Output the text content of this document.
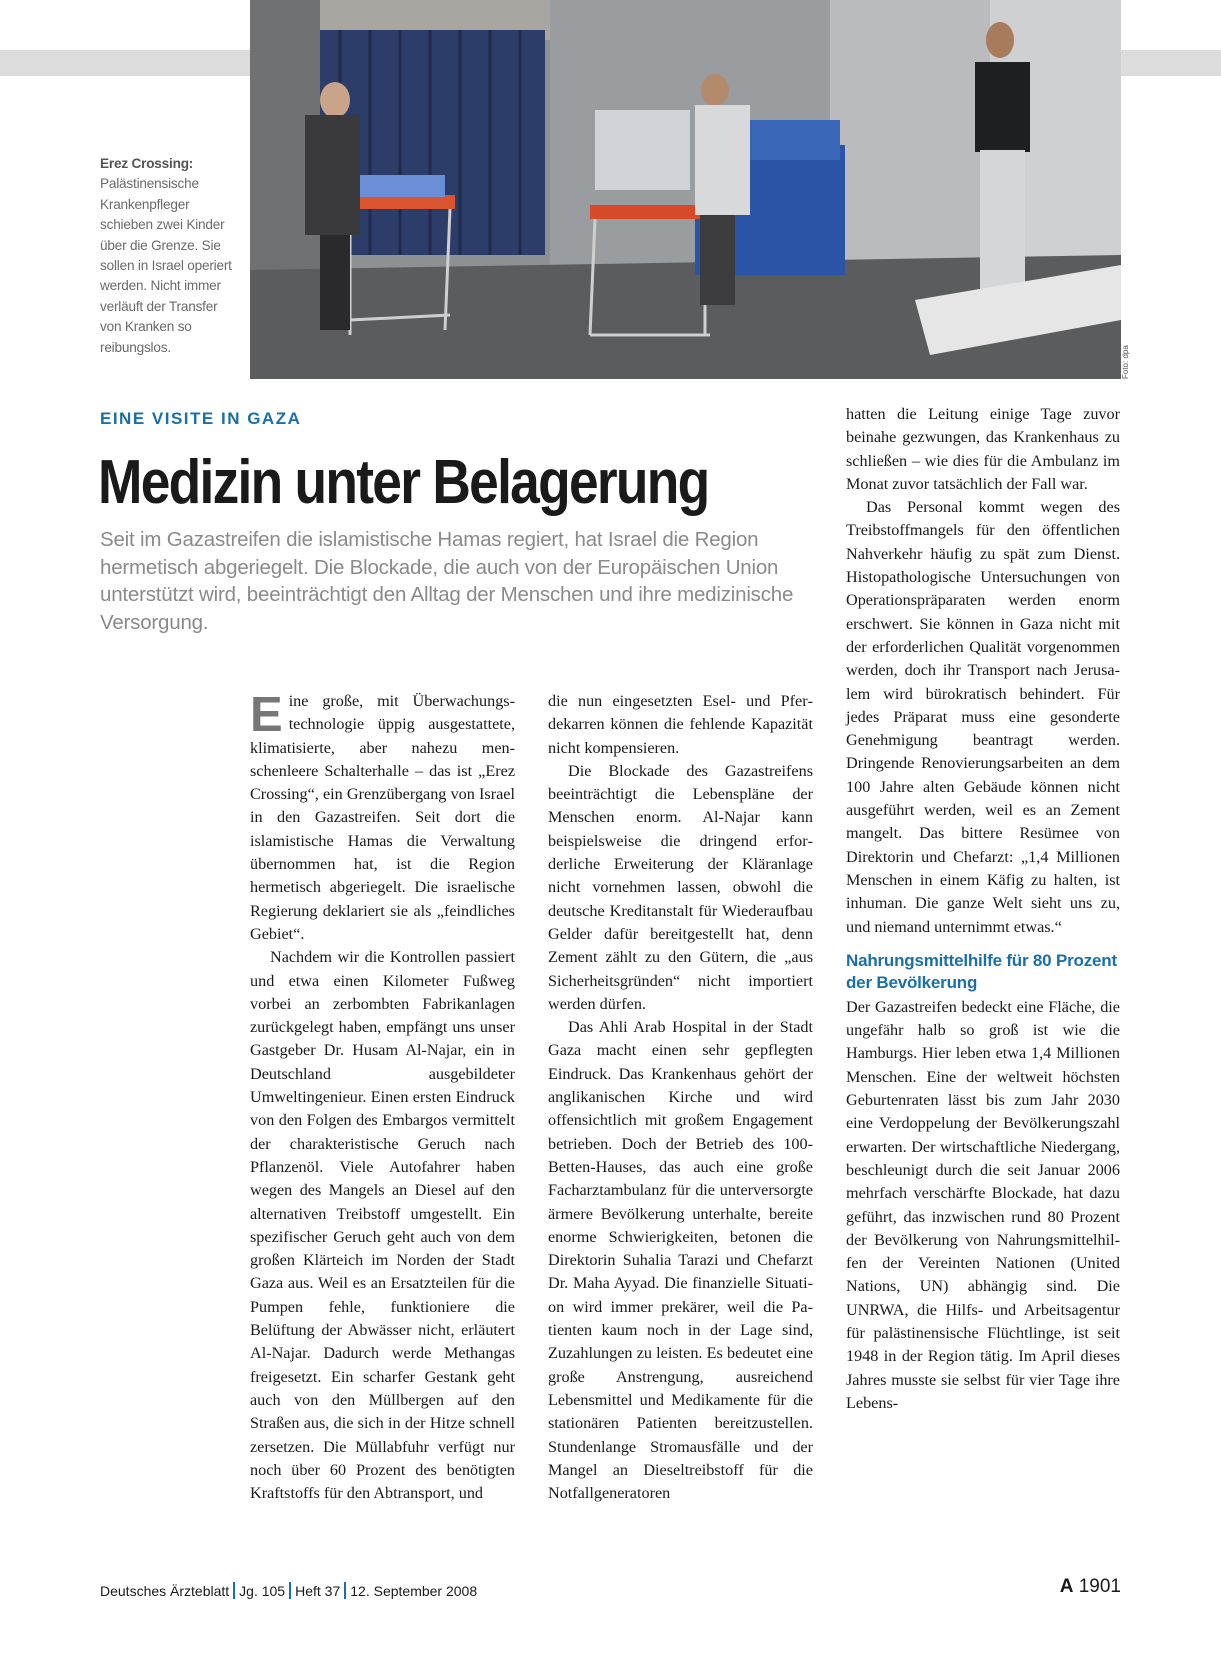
Foto: dpa
Erez Crossing:
Palästinensische Krankenpfleger schieben zwei Kinder über die Grenze. Sie sollen in Israel operiert werden. Nicht immer verläuft der Transfer von Kranken so reibungslos.
EINE VISITE IN GAZA
Medizin unter Belagerung
Seit im Gazastreifen die islamistische Hamas regiert, hat Israel die Region hermetisch abgeriegelt. Die Blockade, die auch von der Europäischen Union unterstützt wird, beeinträchtigt den Alltag der Menschen und ihre medizinische Versorgung.

Eine große, mit Überwachungstechnologie üppig ausgestattete, klimatisierte, aber nahezu menschenleere Schalterhalle – das ist „Erez Crossing“, ein Grenzübergang von Israel in den Gazastreifen. Seit dort die islamistische Hamas die Verwaltung übernommen hat, ist die Region hermetisch abgeriegelt. Die israelische Regierung deklariert sie als „feindliches Gebiet“.

Nachdem wir die Kontrollen passiert und etwa einen Kilometer Fußweg vorbei an zerbombten Fabrikanlagen zurückgelegt haben, empfängt uns unser Gastgeber Dr. Husam Al-Najar, ein in Deutschland ausgebildeter Umweltingenieur. Einen ersten Eindruck von den Folgen des Embargos vermittelt der charakteristische Geruch nach Pflanzenöl. Viele Autofahrer haben wegen des Mangels an Diesel auf den alternativen Treibstoff umgestellt. Ein spezifischer Geruch geht auch von dem großen Klärteich im Norden der Stadt Gaza aus. Weil es an Ersatzteilen für die Pumpen fehle, funktioniere die Belüftung der Abwässer nicht, erläutert Al-Najar. Dadurch werde Methangas freigesetzt. Ein scharfer Gestank geht auch von den Müllbergen auf den Straßen aus, die sich in der Hitze schnell zersetzen. Die Müllabfuhr verfügt nur noch über 60 Prozent des benötigten Kraftstoffs für den Abtransport, und

die nun eingesetzten Esel- und Pferdekarren können die fehlende Kapazität nicht kompensieren.

Die Blockade des Gazastreifens beeinträchtigt die Lebenspläne der Menschen enorm. Al-Najar kann beispielsweise die dringend erforderliche Erweiterung der Kläranlage nicht vornehmen lassen, obwohl die deutsche Kreditanstalt für Wiederaufbau Gelder dafür bereitgestellt hat, denn Zement zählt zu den Gütern, die „aus Sicherheitsgründen“ nicht importiert werden dürfen.

Das Ahli Arab Hospital in der Stadt Gaza macht einen sehr gepflegten Eindruck. Das Krankenhaus gehört der anglikanischen Kirche und wird offensichtlich mit großem Engagement betrieben. Doch der Betrieb des 100-Betten-Hauses, das auch eine große Facharztambulanz für die unterversorgte ärmere Bevölkerung unterhalte, bereite enorme Schwierigkeiten, betonen die Direktorin Suhalia Tarazi und Chefarzt Dr. Maha Ayyad. Die finanzielle Situation wird immer prekärer, weil die Patienten kaum noch in der Lage sind, Zuzahlungen zu leisten. Es bedeutet eine große Anstrengung, ausreichend Lebensmittel und Medikamente für die stationären Patienten bereitzustellen. Stundenlange Stromausfälle und der Mangel an Dieseltreibstoff für die Notfallgeneratoren

hatten die Leitung einige Tage zuvor beinahe gezwungen, das Krankenhaus zu schließen – wie dies für die Ambulanz im Monat zuvor tatsächlich der Fall war.

Das Personal kommt wegen des Treibstoffmangels für den öffentlichen Nahverkehr häufig zu spät zum Dienst. Histopathologische Untersuchungen von Operationspräparaten werden enorm erschwert. Sie können in Gaza nicht mit der erforderlichen Qualität vorgenommen werden, doch ihr Transport nach Jerusalem wird bürokratisch behindert. Für jedes Präparat muss eine gesonderte Genehmigung beantragt werden. Dringende Renovierungsarbeiten an dem 100 Jahre alten Gebäude können nicht ausgeführt werden, weil es an Zement mangelt. Das bittere Resümee von Direktorin und Chefarzt: „1,4 Millionen Menschen in einem Käfig zu halten, ist inhuman. Die ganze Welt sieht uns zu, und niemand unternimmt etwas.“

Nahrungsmittelhilfe für 80 Prozent der Bevölkerung

Der Gazastreifen bedeckt eine Fläche, die ungefähr halb so groß ist wie die Hamburgs. Hier leben etwa 1,4 Millionen Menschen. Eine der weltweit höchsten Geburtenraten lässt bis zum Jahr 2030 eine Verdoppelung der Bevölkerungszahl erwarten. Der wirtschaftliche Niedergang, beschleunigt durch die seit Januar 2006 mehrfach verschärfte Blockade, hat dazu geführt, das inzwischen rund 80 Prozent der Bevölkerung von Nahrungsmittelhilfen der Vereinten Nationen (United Nations, UN) abhängig sind. Die UNRWA, die Hilfs- und Arbeitsagentur für palästinensische Flüchtlinge, ist seit 1948 in der Region tätig. Im April dieses Jahres musste sie selbst für vier Tage ihre Lebens-

Deutsches Ärzteblatt Jg. 105 Heft 37 12. September 2008	A 1901
